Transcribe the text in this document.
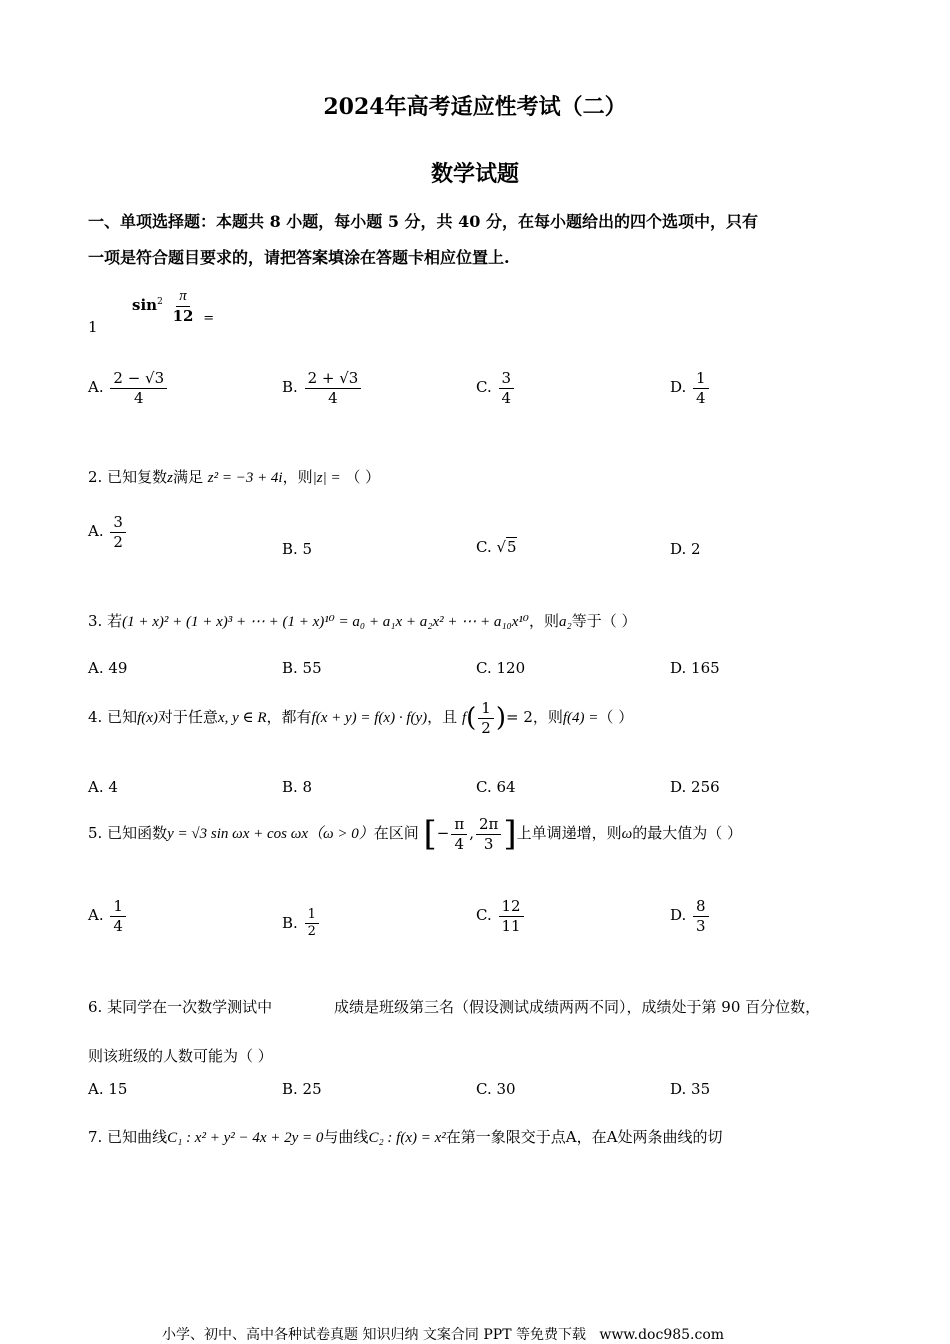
2024年高考适应性考试（二）
数学试题
一、单项选择题：本题共 8 小题，每小题 5 分，共 40 分，在每小题给出的四个选项中，只有
一项是符合题目要求的，请把答案填涂在答题卡相应位置上.
1
$\sin^2 \frac{\pi}{12}$ =
A. $\frac{2 - √3}{4}$	B. $\frac{2 + √3}{4}$	C. $\frac{3}{4}$	D. $\frac{1}{4}$
2. 已知复数z满足 z² = −3 + 4i，则|z| = （ ）
A. $\frac{3}{2}$	B. 5	C. √5	D. 2
3. 若(1 + x)² + (1 + x)³ + ⋯ + (1 + x)¹⁰ = a₀ + a₁x + a₂x² + ⋯ + a₁₀x¹⁰，则a₂等于（ ）
A. 49	B. 55	C. 120	D. 165
4. 已知f(x)对于任意x, y ∈ R，都有f(x + y) = f(x) · f(y)，且 $f( \frac{1}{2}$ )= 2，则f(4) =（ ）
A. 4	B. 8	C. 64	D. 256
5. 已知函数y = √3 sin ωx + cos ωx（ω > 0）在区间 [− $\frac{\pi}{4}$ , $\frac{2\pi}{3}$ ]上单调递增，则ω的最大值为（ ）
A. $\frac{1}{4}$	B. $\frac{1}{2}$	C. $\frac{12}{11}$	D. $\frac{8}{3}$
6. 某同学在一次数学测试中	成绩是班级第三名（假设测试成绩两两不同），成绩处于第 90 百分位数，
则该班级的人数可能为（ ）
A. 15	B. 25	C. 30	D. 35
7. 已知曲线C₁ : x² + y² − 4x + 2y = 0与曲线C₂ : f(x) = x²在第一象限交于点A，在A处两条曲线的切
小学、初中、高中各种试卷真题 知识归纳 文案合同 PPT 等免费下载 www.doc985.com
